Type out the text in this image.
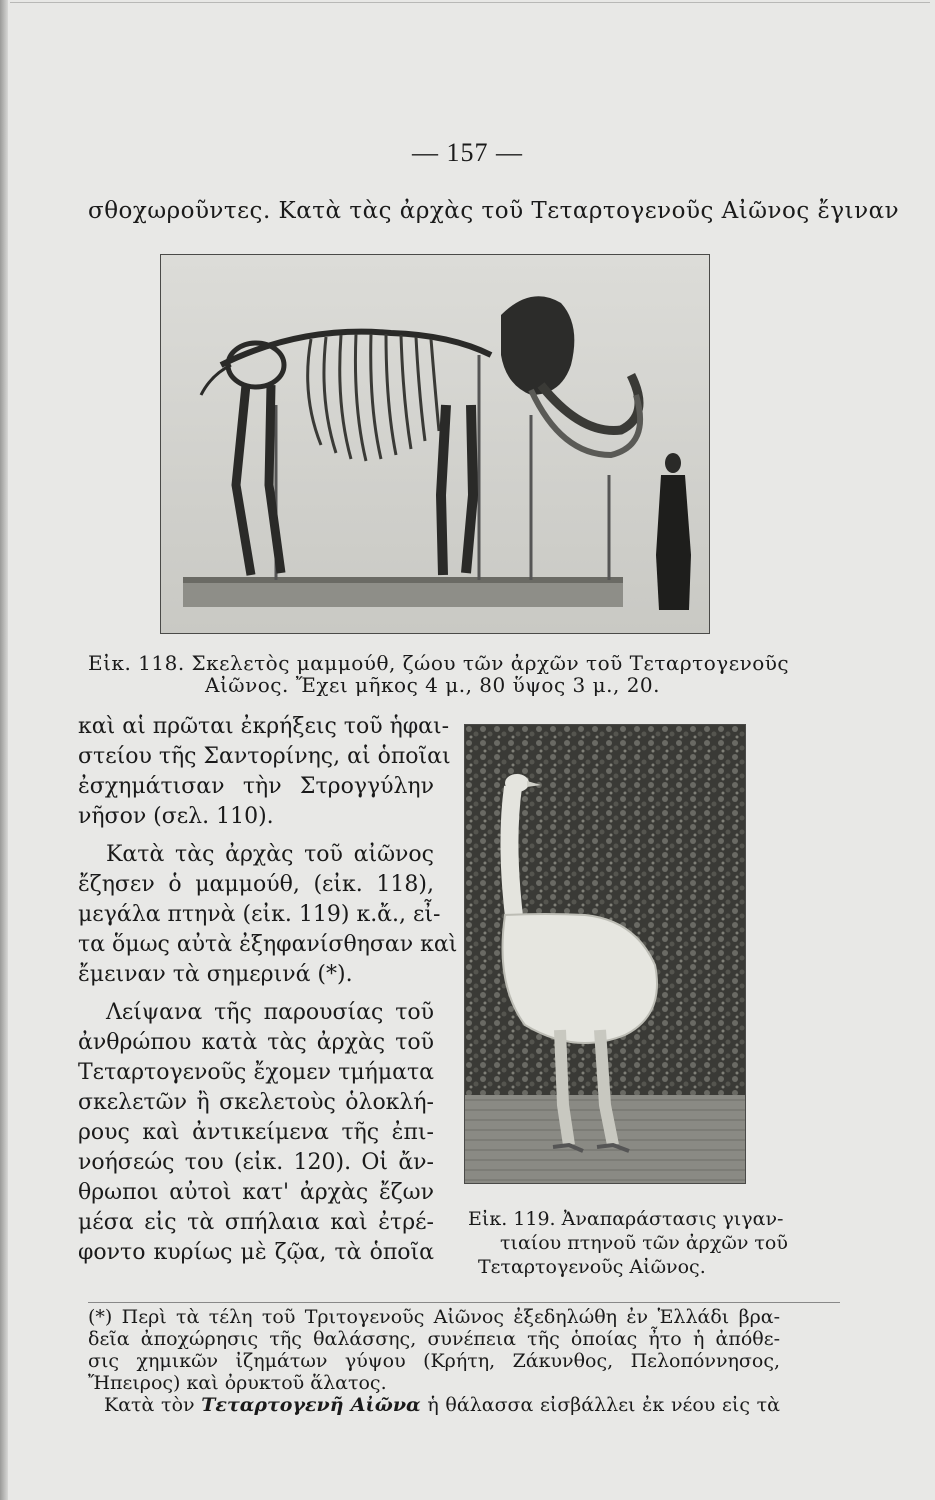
— 157 —
σθοχωροῦντες. Κατὰ τὰς ἀρχὰς τοῦ Τεταρτογενοῦς Αἰῶνος ἔγιναν
Εἰκ. 118. Σκελετὸς μαμμούθ, ζώου τῶν ἀρχῶν τοῦ Τεταρτογενοῦς
Αἰῶνος. Ἔχει μῆκος 4 μ., 80 ὕψος 3 μ., 20.
καὶ αἱ πρῶται ἐκρήξεις τοῦ ἡφαι-
στείου τῆς Σαντορίνης, αἱ ὁποῖαι
ἐσχημάτισαν τὴν Στρογγύλην
νῆσον (σελ. 110).
Κατὰ τὰς ἀρχὰς τοῦ αἰῶνος
ἔζησεν ὁ μαμμούθ, (εἰκ. 118),
μεγάλα πτηνὰ (εἰκ. 119) κ.ἄ., εἶ-
τα ὅμως αὐτὰ ἐξηφανίσθησαν καὶ
ἔμειναν τὰ σημερινά (*).
Λείψανα τῆς παρουσίας τοῦ
ἀνθρώπου κατὰ τὰς ἀρχὰς τοῦ
Τεταρτογενοῦς ἔχομεν τμήματα
σκελετῶν ἢ σκελετοὺς ὁλοκλή-
ρους καὶ ἀντικείμενα τῆς ἐπι-
νοήσεώς του (εἰκ. 120). Οἱ ἄν-
θρωποι αὐτοὶ κατ' ἀρχὰς ἔζων
μέσα εἰς τὰ σπήλαια καὶ ἐτρέ-
φοντο κυρίως μὲ ζῷα, τὰ ὁποῖα
Εἰκ. 119. Ἀναπαράστασις γιγαν-
τιαίου πτηνοῦ τῶν ἀρχῶν τοῦ
Τεταρτογενοῦς Αἰῶνος.
(*) Περὶ τὰ τέλη τοῦ Τριτογενοῦς Αἰῶνος ἐξεδηλώθη ἐν Ἑλλάδι βρα-
δεῖα ἀποχώρησις τῆς θαλάσσης, συνέπεια τῆς ὁποίας ἦτο ἡ ἀπόθε-
σις χημικῶν ἰζημάτων γύψου (Κρήτη, Ζάκυνθος, Πελοπόννησος,
Ἤπειρος) καὶ ὀρυκτοῦ ἅλατος.
Κατὰ τὸν Τεταρτογενῆ Αἰῶνα ἡ θάλασσα εἰσβάλλει ἐκ νέου εἰς τὰ
